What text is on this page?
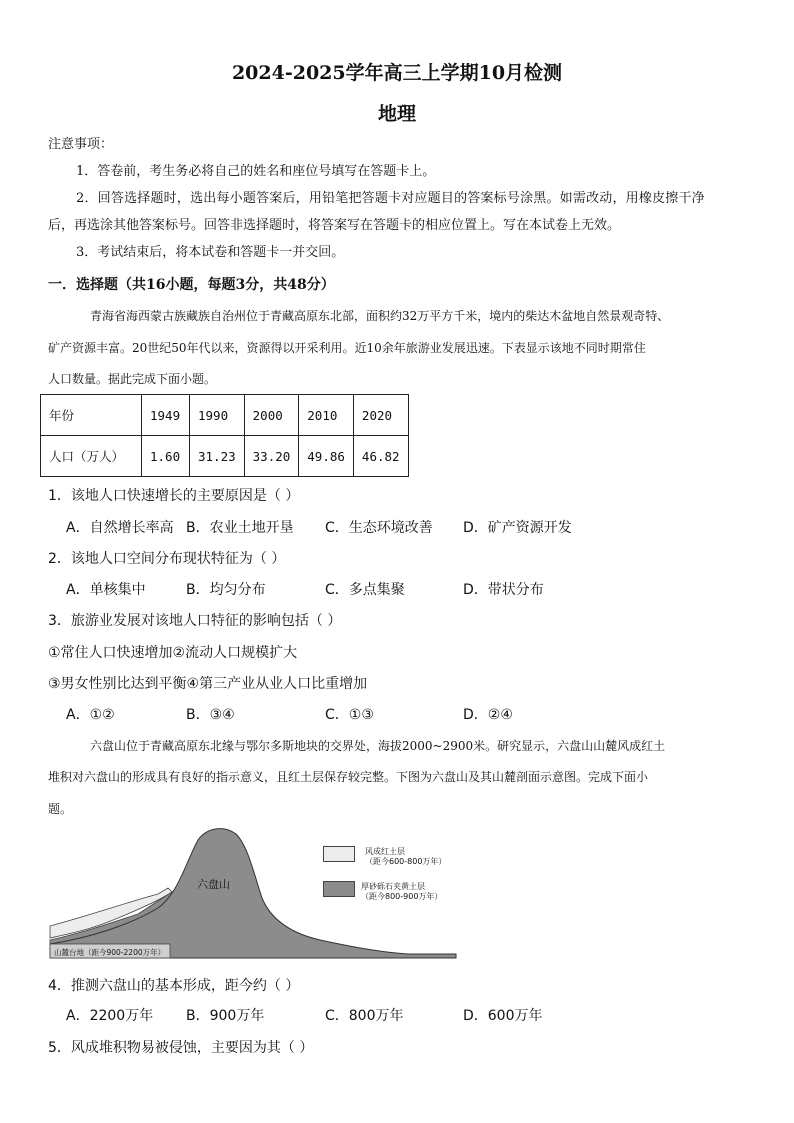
2024-2025学年高三上学期10月检测
地理
注意事项：
1．答卷前，考生务必将自己的姓名和座位号填写在答题卡上。
2．回答选择题时，选出每小题答案后，用铅笔把答题卡对应题目的答案标号涂黑。如需改动，用橡皮擦干净
后，再选涂其他答案标号。回答非选择题时，将答案写在答题卡的相应位置上。写在本试卷上无效。
3．考试结束后，将本试卷和答题卡一并交回。
一．选择题（共16小题，每题3分，共48分）
青海省海西蒙古族藏族自治州位于青藏高原东北部，面积约32万平方千米，境内的柴达木盆地自然景观奇特、
矿产资源丰富。20世纪50年代以来，资源得以开采利用。近10余年旅游业发展迅速。下表显示该地不同时期常住
人口数量。据此完成下面小题。
年份	1949	1990	2000	2010	2020
人口（万人）	1.60	31.23	33.20	49.86	46.82
1．该地人口快速增长的主要原因是（ ）
A．自然增长率高 B．农业土地开垦 C．生态环境改善 D．矿产资源开发
2．该地人口空间分布现状特征为（ ）
A．单核集中	B．均匀分布	C．多点集聚	D．带状分布
3．旅游业发展对该地人口特征的影响包括（ ）
①常住人口快速增加②流动人口规模扩大
③男女性别比达到平衡④第三产业从业人口比重增加
A．①②	B．③④	C．①③	D．②④
六盘山位于青藏高原东北缘与鄂尔多斯地块的交界处，海拔2000~2900米。研究显示，六盘山山麓风成红土
堆积对六盘山的形成具有良好的指示意义，且红土层保存较完整。下图为六盘山及其山麓剖面示意图。完成下面小
题。
六盘山
山麓台地（距今900-2200万年）
风成红土层
（距今600-800万年）
厚砂砾石夹黄土层
（距今800-900万年）
4．推测六盘山的基本形成，距今约（ ）
A．2200万年 B．900万年	C．800万年	D．600万年
5．风成堆积物易被侵蚀，主要因为其（ ）
